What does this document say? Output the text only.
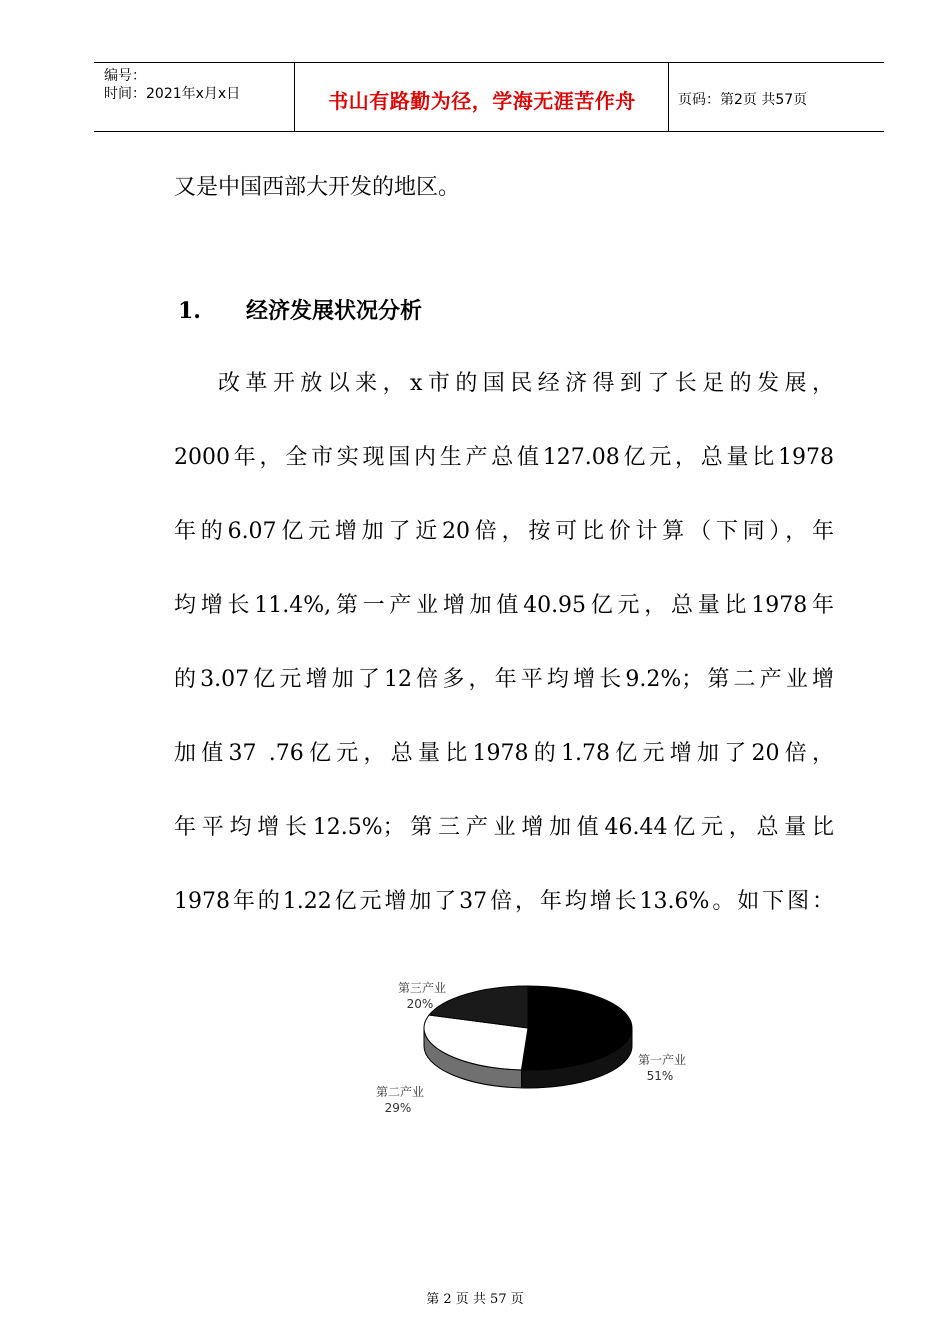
编号：
时间：2021年x月x日	书山有路勤为径，学海无涯苦作舟	页码：第2页 共57页
又是中国西部大开发的地区。
1. 经济发展状况分析
改革开放以来，x市的国民经济得到了长足的发展，
2000年，全市实现国内生产总值127.08亿元，总量比1978
年的6.07亿元增加了近20倍，按可比价计算（下同），年
均增长11.4%,第一产业增加值40.95亿元，总量比1978年
的3.07亿元增加了12倍多，年平均增长9.2%；第二产业增
加值37 .76亿元，总量比1978的1.78亿元增加了20倍，
年平均增长12.5%；第三产业增加值46.44亿元，总量比
1978年的1.22亿元增加了37倍，年均增长13.6%。如下图：
第一产业
51%
第二产业
29%
第三产业
20%
第 2 页 共 57 页
